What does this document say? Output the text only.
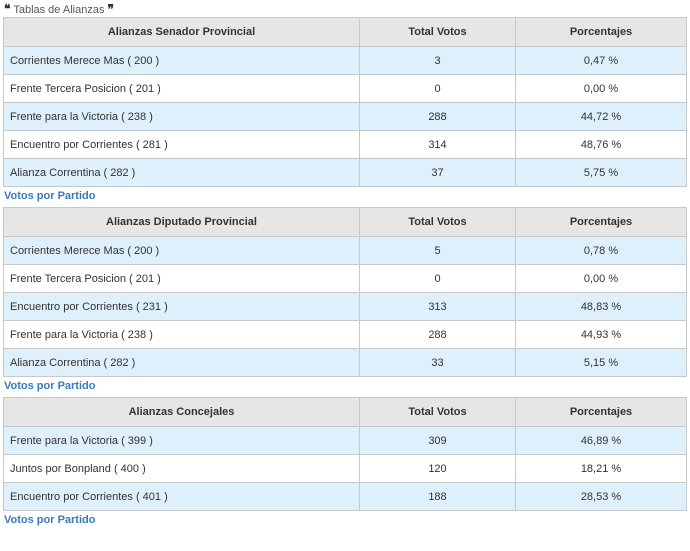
❝ Tablas de Alianzas ❞
Alianzas Senador Provincial	Total Votos	Porcentajes
Corrientes Merece Mas ( 200 )	3	0,47 %
Frente Tercera Posicion ( 201 )	0	0,00 %
Frente para la Victoria ( 238 )	288	44,72 %
Encuentro por Corrientes ( 281 )	314	48,76 %
Alianza Correntina ( 282 )	37	5,75 %
Votos por Partido
Alianzas Diputado Provincial	Total Votos	Porcentajes
Corrientes Merece Mas ( 200 )	5	0,78 %
Frente Tercera Posicion ( 201 )	0	0,00 %
Encuentro por Corrientes ( 231 )	313	48,83 %
Frente para la Victoria ( 238 )	288	44,93 %
Alianza Correntina ( 282 )	33	5,15 %
Votos por Partido
Alianzas Concejales	Total Votos	Porcentajes
Frente para la Victoria ( 399 )	309	46,89 %
Juntos por Bonpland ( 400 )	120	18,21 %
Encuentro por Corrientes ( 401 )	188	28,53 %
Votos por Partido
